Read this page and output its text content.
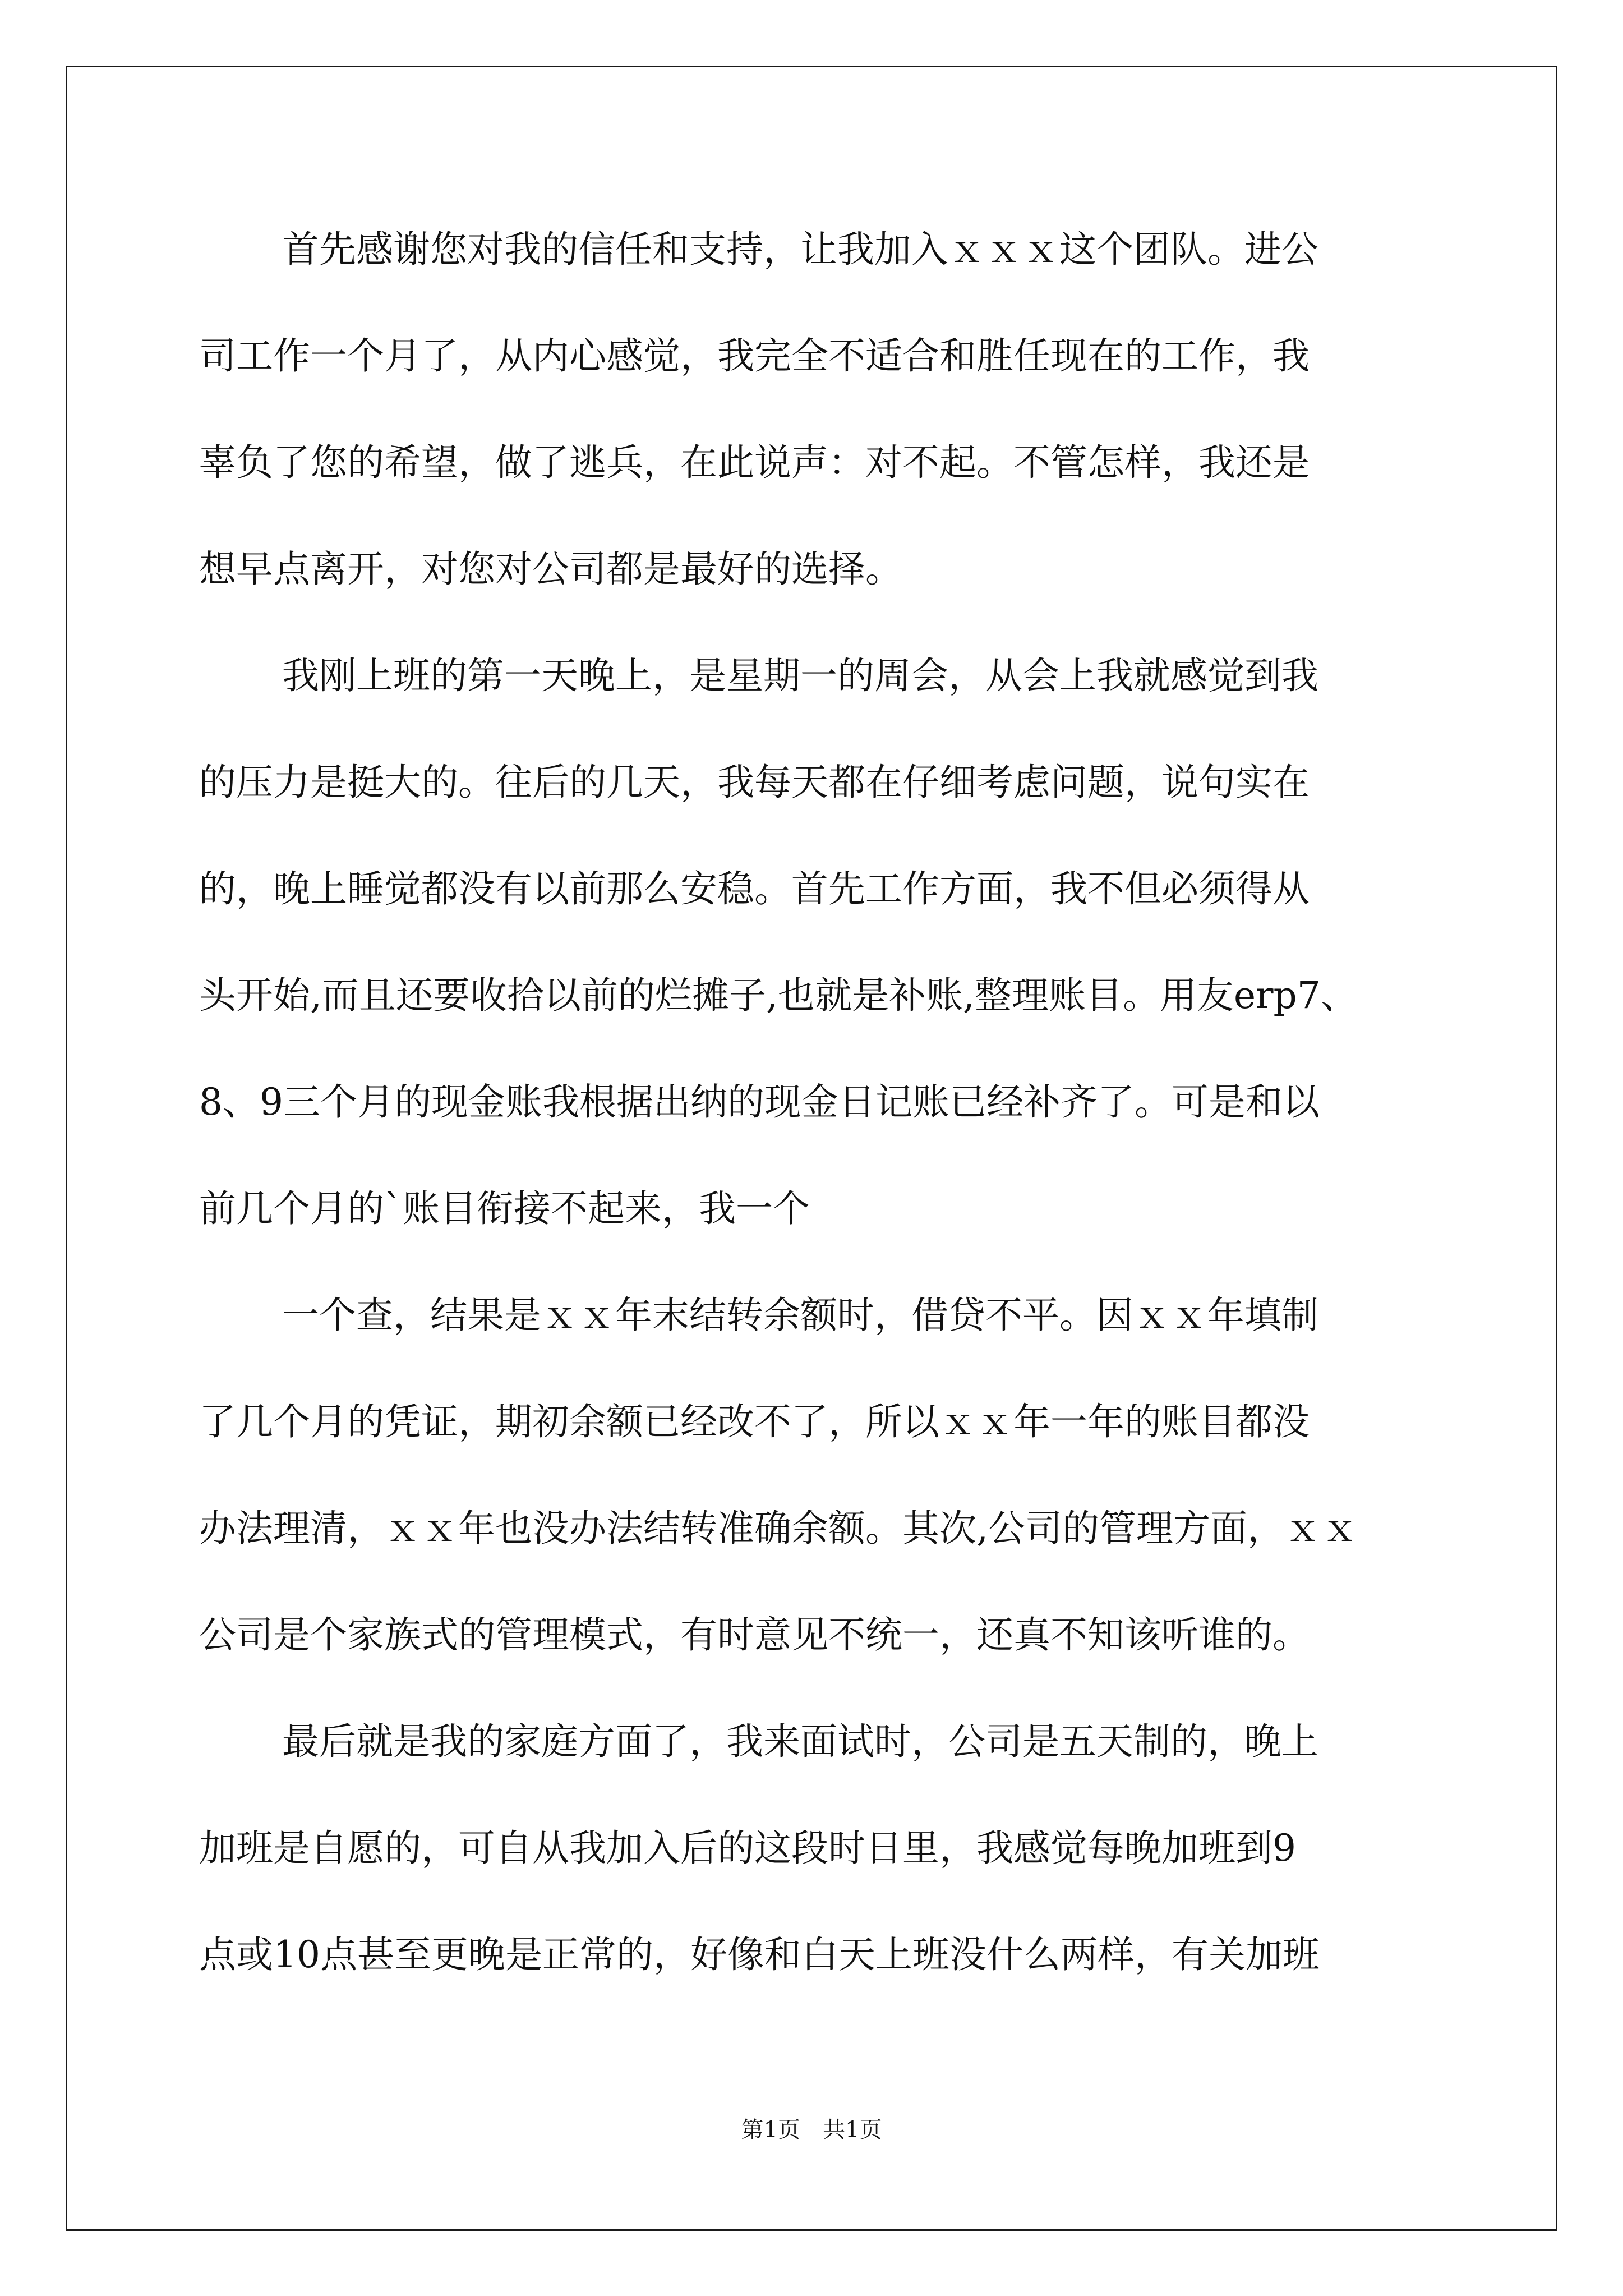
首先感谢您对我的信任和支持，让我加入ｘｘｘ这个团队。进公
司工作一个月了，从内心感觉，我完全不适合和胜任现在的工作，我
辜负了您的希望，做了逃兵，在此说声：对不起。不管怎样，我还是
想早点离开，对您对公司都是最好的选择。
我刚上班的第一天晚上，是星期一的周会，从会上我就感觉到我
的压力是挺大的。往后的几天，我每天都在仔细考虑问题，说句实在
的，晚上睡觉都没有以前那么安稳。首先工作方面，我不但必须得从
头开始,而且还要收拾以前的烂摊子,也就是补账,整理账目。用友erp7、
8、9三个月的现金账我根据出纳的现金日记账已经补齐了。可是和以
前几个月的`账目衔接不起来，我一个
一个查，结果是ｘｘ年末结转余额时，借贷不平。因ｘｘ年填制
了几个月的凭证，期初余额已经改不了，所以ｘｘ年一年的账目都没
办法理清，ｘｘ年也没办法结转准确余额。其次,公司的管理方面，ｘｘ
公司是个家族式的管理模式，有时意见不统一，还真不知该听谁的。
最后就是我的家庭方面了，我来面试时，公司是五天制的，晚上
加班是自愿的，可自从我加入后的这段时日里，我感觉每晚加班到9
点或10点甚至更晚是正常的，好像和白天上班没什么两样，有关加班
第1页　共1页
